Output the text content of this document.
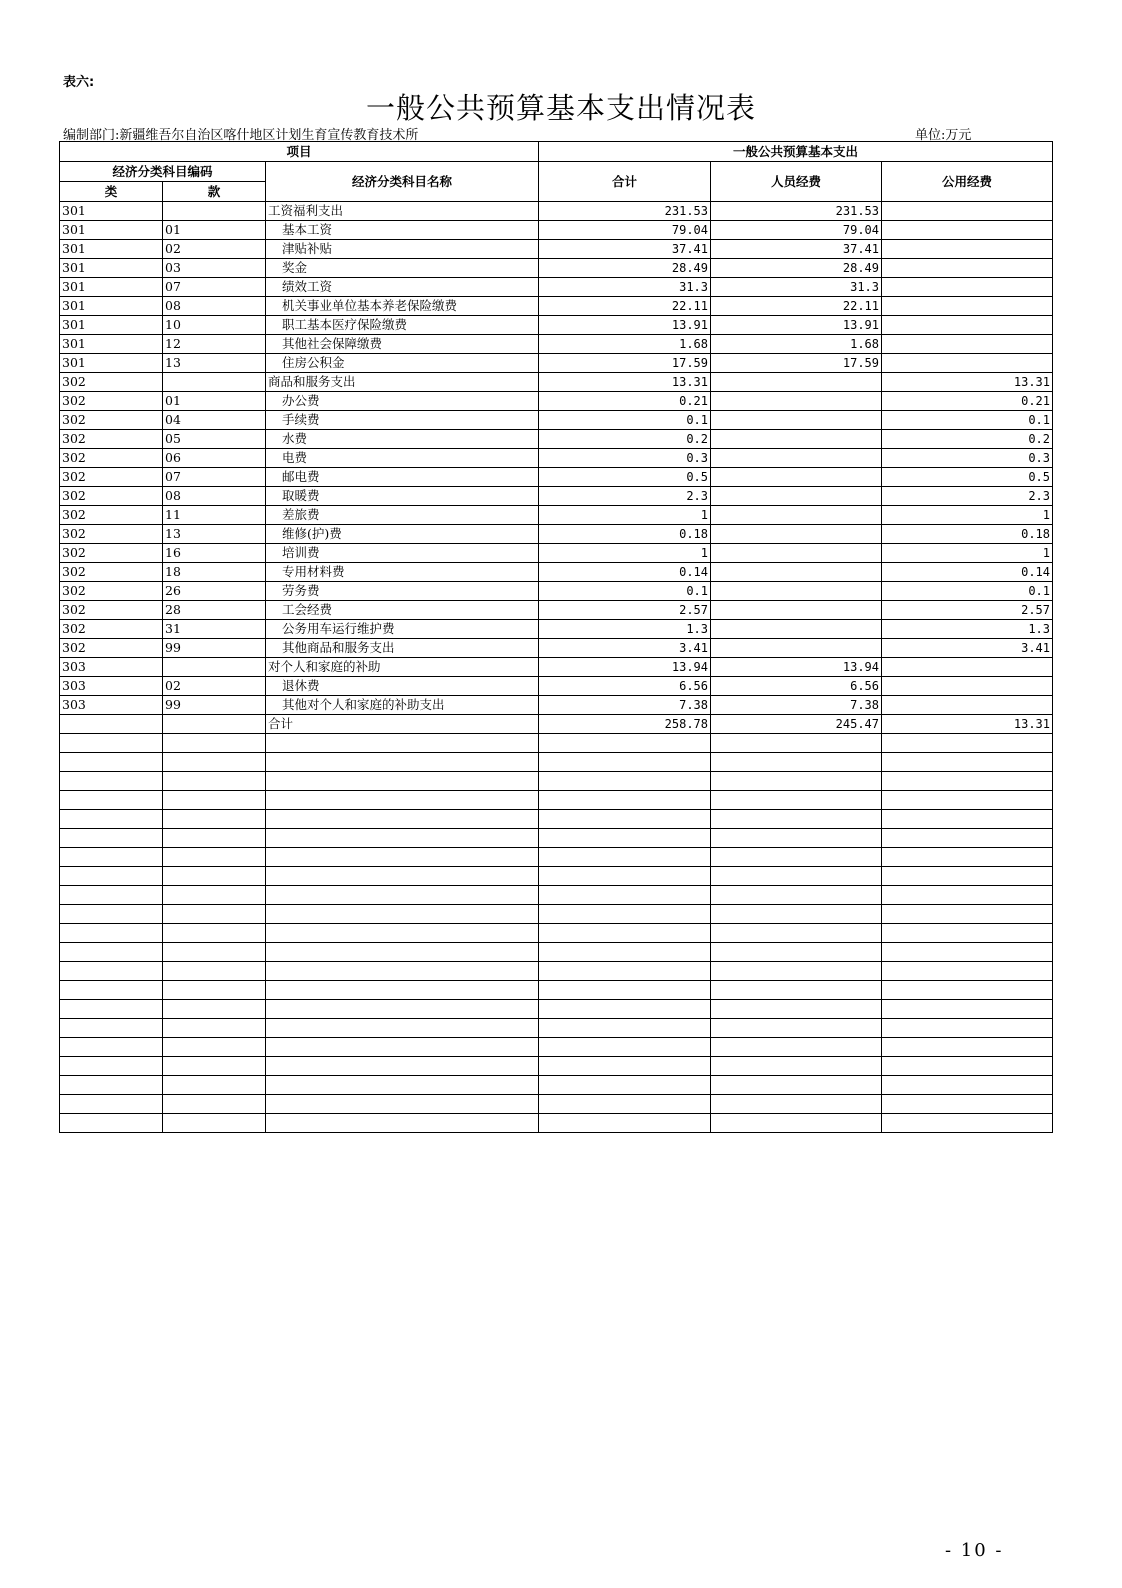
表六:
一般公共预算基本支出情况表
编制部门:新疆维吾尔自治区喀什地区计划生育宣传教育技术所	单位:万元
项目			一般公共预算基本支出		
经济分类科目编码		经济分类科目名称	合计	人员经费	公用经费
类	款				
301		工资福利支出	231.53	231.53	
301	01	基本工资	79.04	79.04	
301	02	津贴补贴	37.41	37.41	
301	03	奖金	28.49	28.49	
301	07	绩效工资	31.3	31.3	
301	08	机关事业单位基本养老保险缴费	22.11	22.11	
301	10	职工基本医疗保险缴费	13.91	13.91	
301	12	其他社会保障缴费	1.68	1.68	
301	13	住房公积金	17.59	17.59	
302		商品和服务支出	13.31		13.31
302	01	办公费	0.21		0.21
302	04	手续费	0.1		0.1
302	05	水费	0.2		0.2
302	06	电费	0.3		0.3
302	07	邮电费	0.5		0.5
302	08	取暖费	2.3		2.3
302	11	差旅费	1		1
302	13	维修(护)费	0.18		0.18
302	16	培训费	1		1
302	18	专用材料费	0.14		0.14
302	26	劳务费	0.1		0.1
302	28	工会经费	2.57		2.57
302	31	公务用车运行维护费	1.3		1.3
302	99	其他商品和服务支出	3.41		3.41
303		对个人和家庭的补助	13.94	13.94	
303	02	退休费	6.56	6.56	
303	99	其他对个人和家庭的补助支出	7.38	7.38	
		合计	258.78	245.47	13.31

- 10 -
